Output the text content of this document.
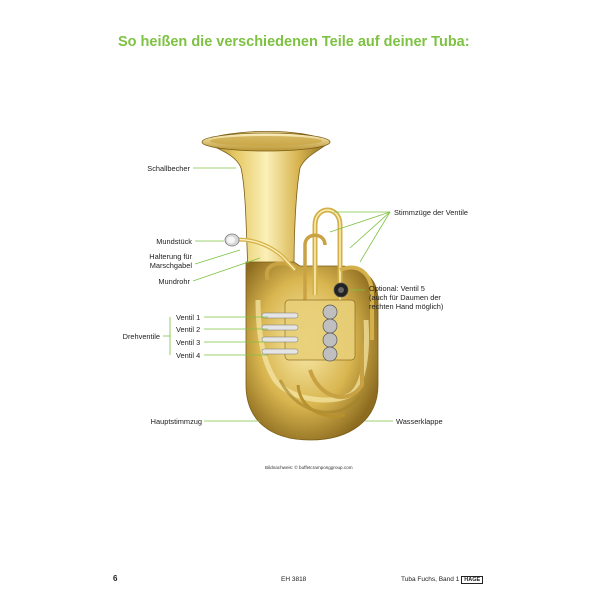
So heißen die verschiedenen Teile auf deiner Tuba:
Schallbecher
Mundstück
Halterung für
Marschgabel
Mundrohr
Stimmzüge der Ventile
Optional: Ventil 5
(auch für Daumen der
rechten Hand möglich)
Drehventile
Ventil 1
Ventil 2
Ventil 3
Ventil 4
Hauptstimmzug	Wasserklappe
Bildnachweis: © buffetcramponggroup.com
6	EH 3818	Tuba Fuchs, Band 1 HAGE
